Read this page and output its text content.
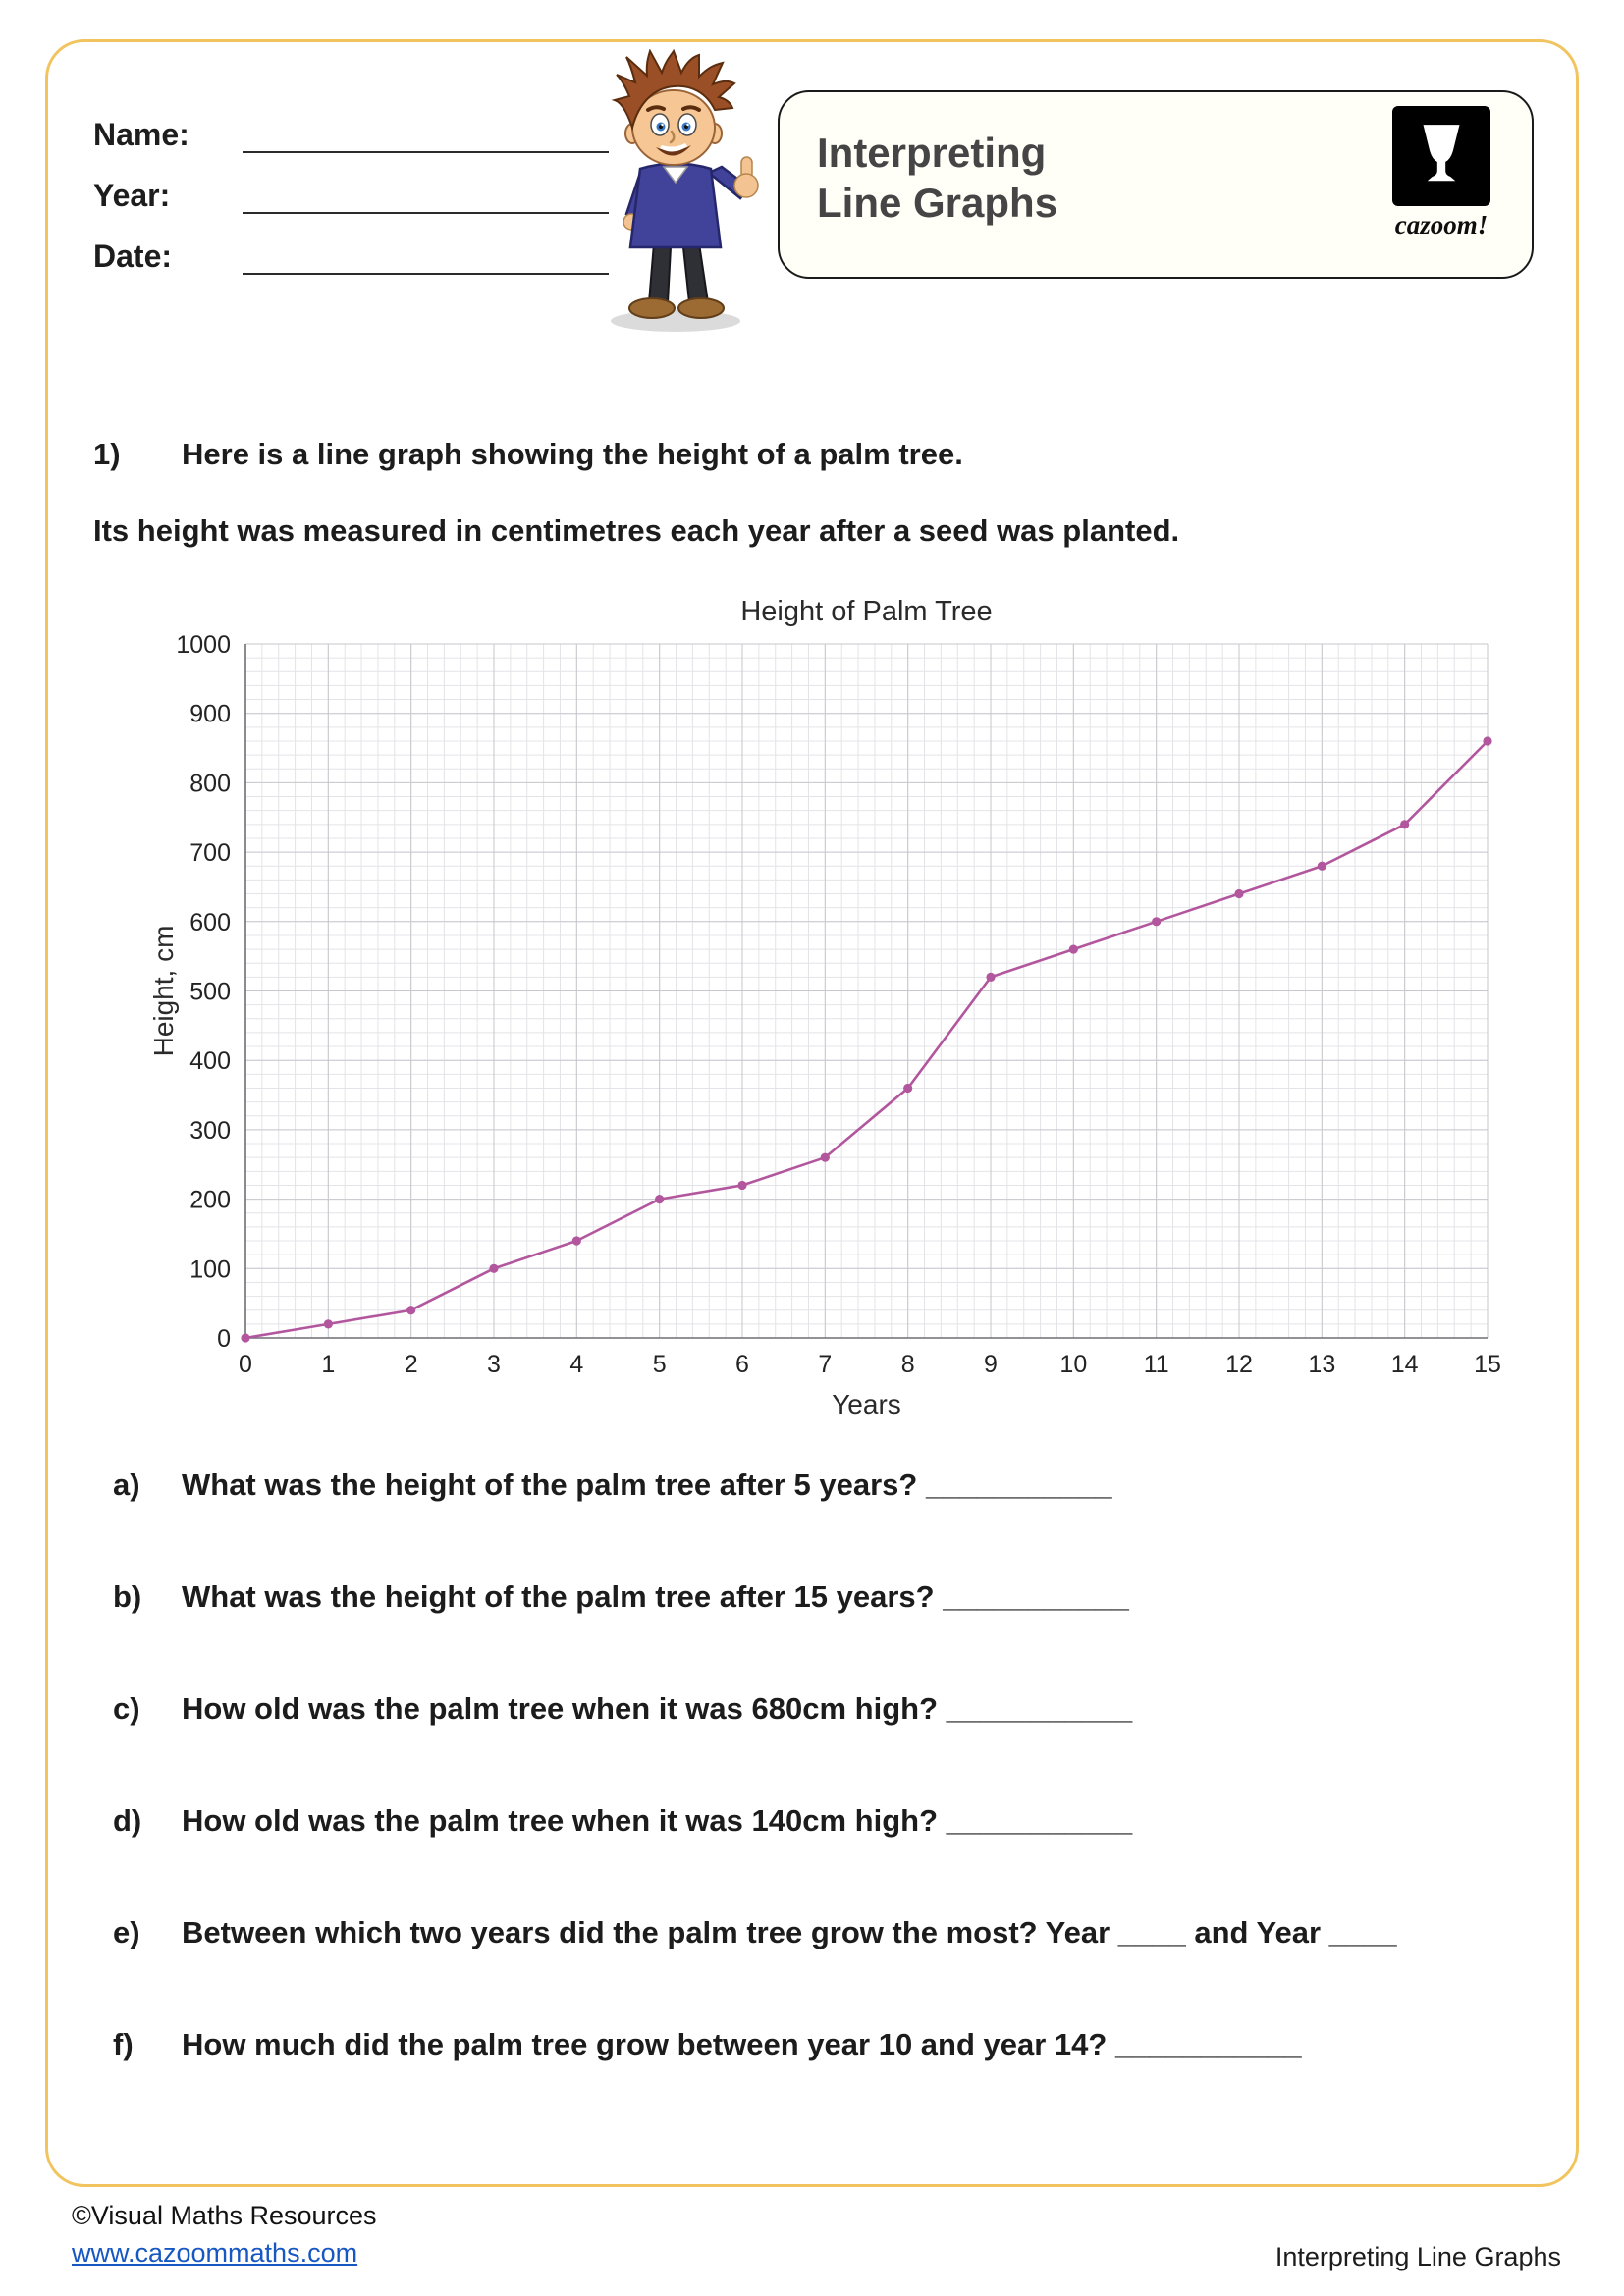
Name:
Year:
Date:
Interpreting
Line Graphs	cazoom!
1)	Here is a line graph showing the height of a palm tree.
Its height was measured in centimetres each year after a seed was planted.
0	1	2	3	4	5	6	7	8	9	10 11 12 13 14 15
0
100
200
300
400
500
600
700
800
900
1000
Height of Palm Tree
Years
Height, cm
a)	What was the height of the palm tree after 5 years? ___________
b)	What was the height of the palm tree after 15 years? ___________
c)	How old was the palm tree when it was 680cm high? ___________
d)	How old was the palm tree when it was 140cm high? ___________
e)	Between which two years did the palm tree grow the most? Year ____ and Year ____
f)	How much did the palm tree grow between year 10 and year 14? ___________
©Visual Maths Resources
www.cazoommaths.com	Interpreting Line Graphs
